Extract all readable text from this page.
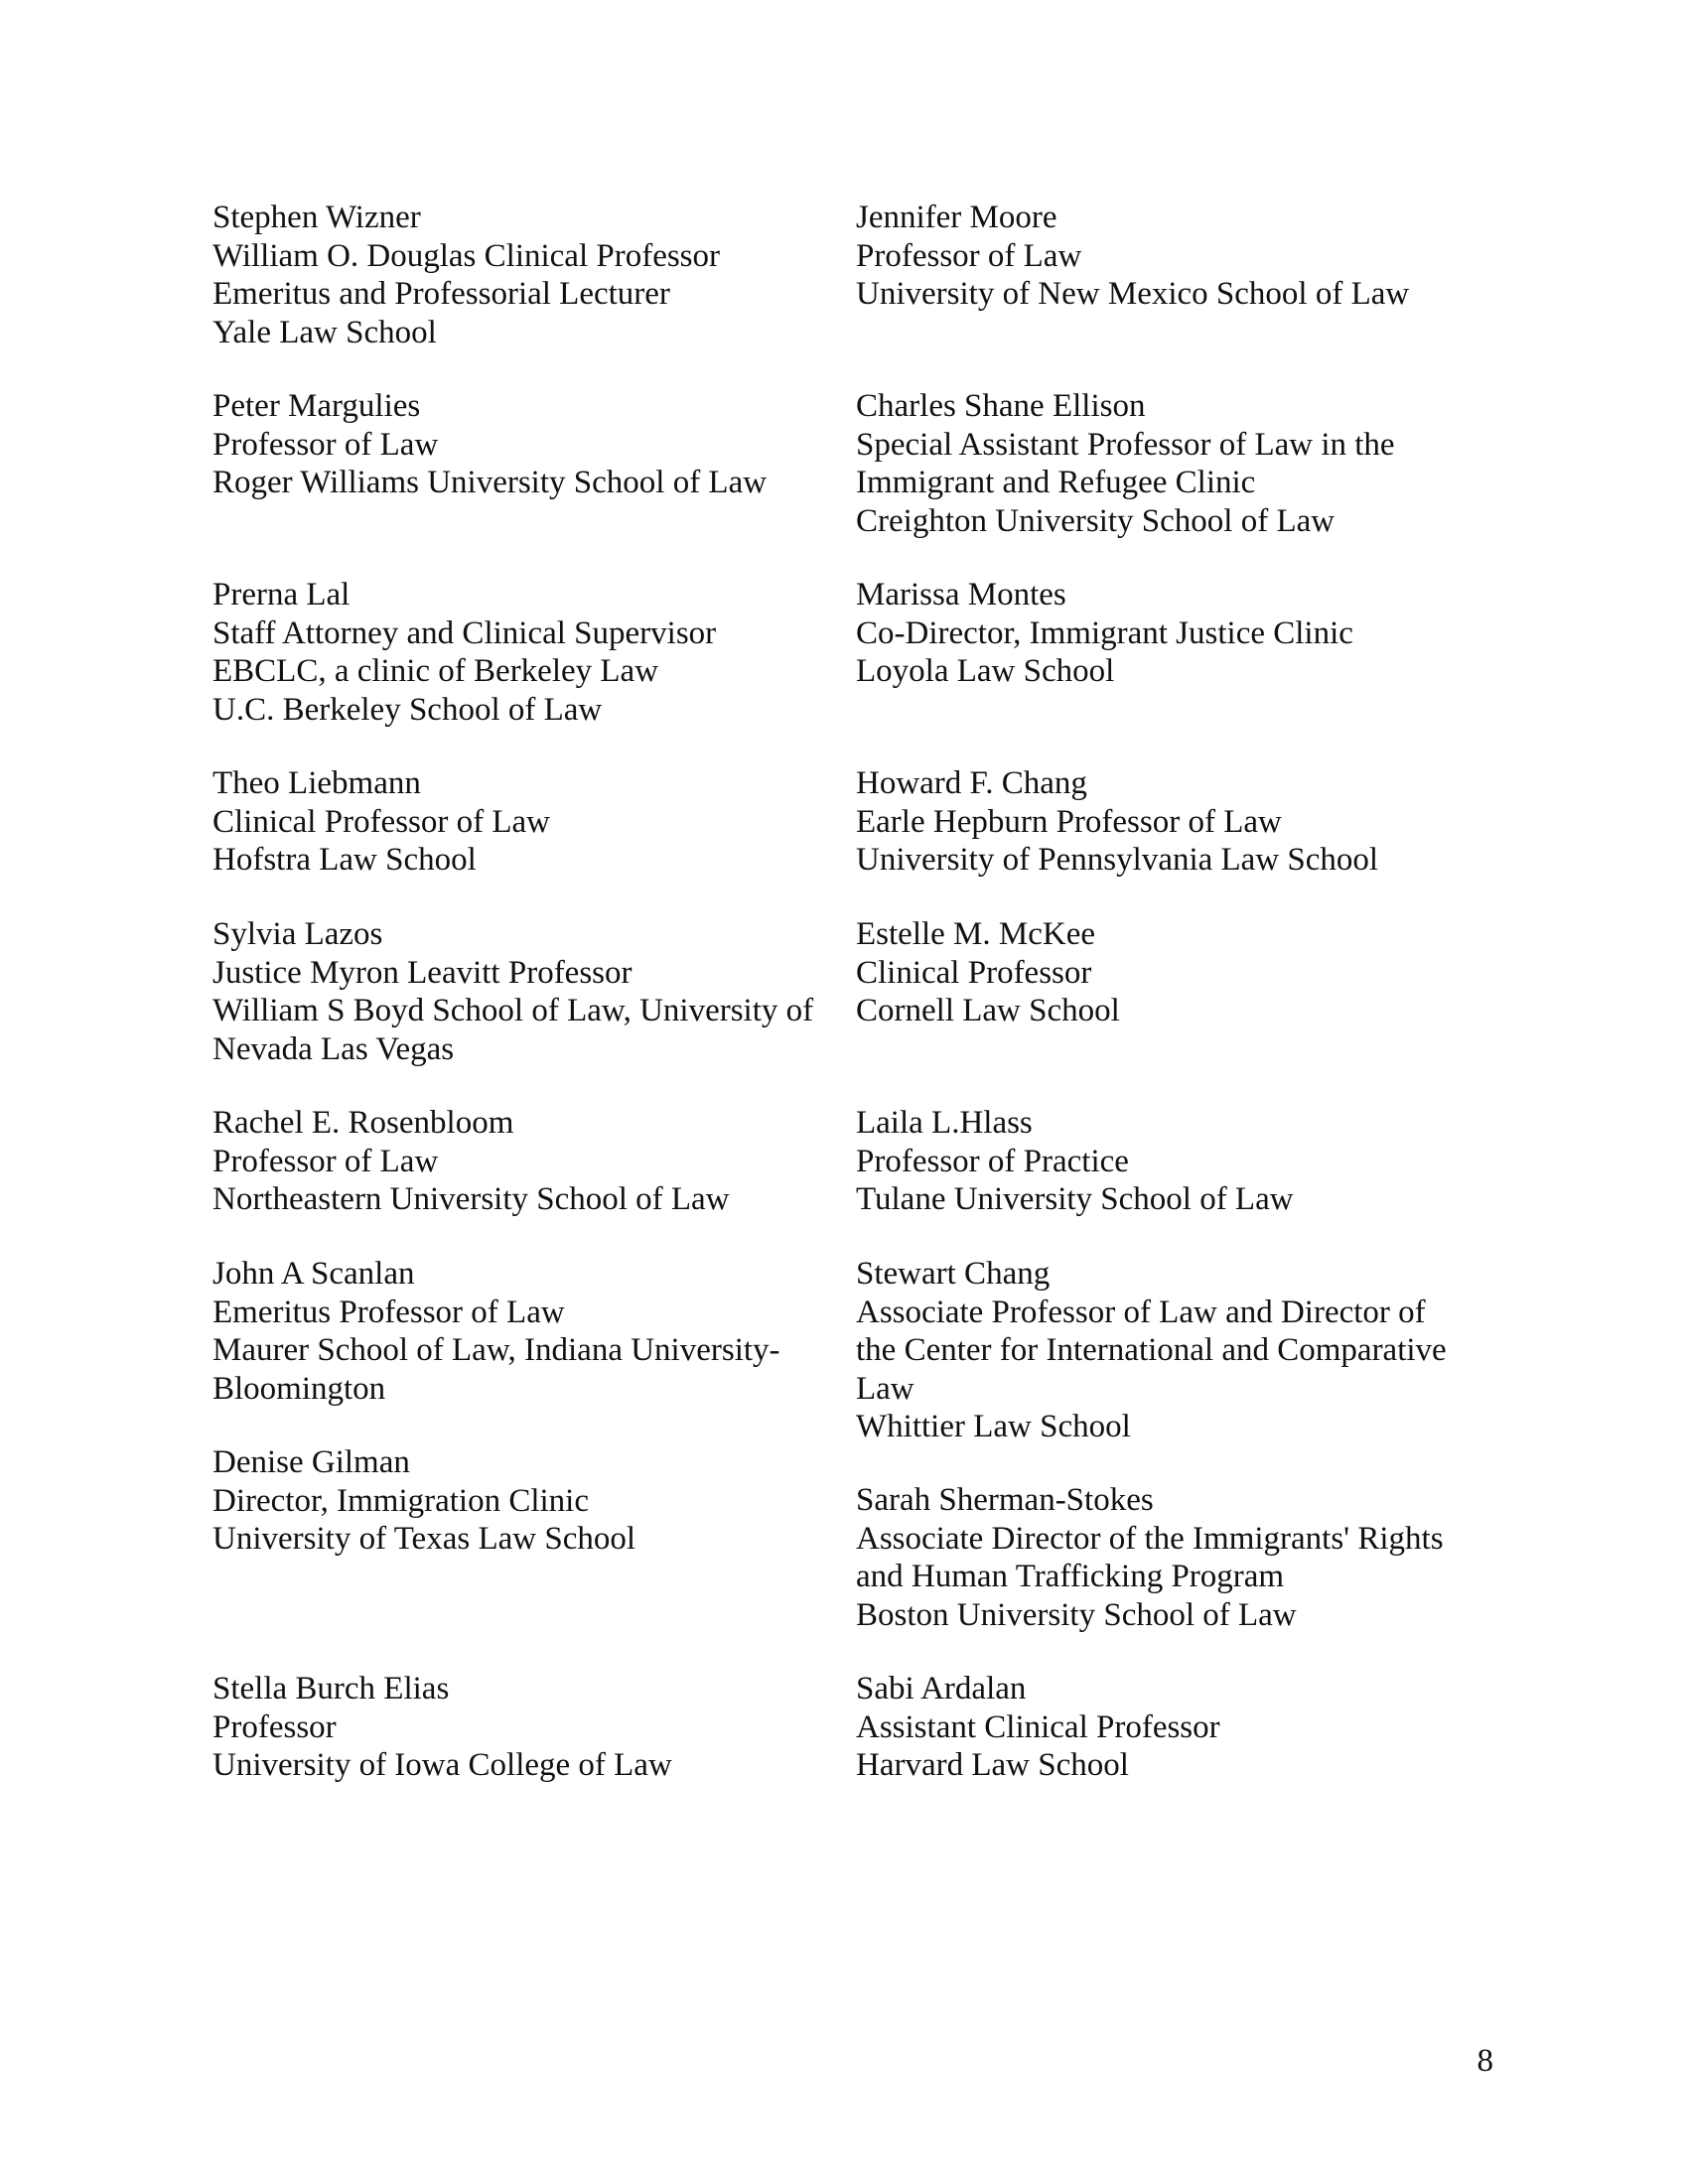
Stephen Wizner
William O. Douglas Clinical Professor
Emeritus and Professorial Lecturer
Yale Law School
Peter Margulies
Professor of Law
Roger Williams University School of Law
Prerna Lal
Staff Attorney and Clinical Supervisor
EBCLC, a clinic of Berkeley Law
U.C. Berkeley School of Law
Theo Liebmann
Clinical Professor of Law
Hofstra Law School
Sylvia Lazos
Justice Myron Leavitt Professor
William S Boyd School of Law, University of
Nevada Las Vegas
Rachel E. Rosenbloom
Professor of Law
Northeastern University School of Law
John A Scanlan
Emeritus Professor of Law
Maurer School of Law, Indiana University-
Bloomington
Denise Gilman
Director, Immigration Clinic
University of Texas Law School
Stella Burch Elias
Professor
University of Iowa College of Law
Jennifer Moore
Professor of Law
University of New Mexico School of Law
Charles Shane Ellison
Special Assistant Professor of Law in the
Immigrant and Refugee Clinic
Creighton University School of Law
Marissa Montes
Co-Director, Immigrant Justice Clinic
Loyola Law School
Howard F. Chang
Earle Hepburn Professor of Law
University of Pennsylvania Law School
Estelle M. McKee
Clinical Professor
Cornell Law School
Laila L.Hlass
Professor of Practice
Tulane University School of Law
Stewart Chang
Associate Professor of Law and Director of
the Center for International and Comparative
Law
Whittier Law School
Sarah Sherman-Stokes
Associate Director of the Immigrants' Rights
and Human Trafficking Program
Boston University School of Law
Sabi Ardalan
Assistant Clinical Professor
Harvard Law School
8
